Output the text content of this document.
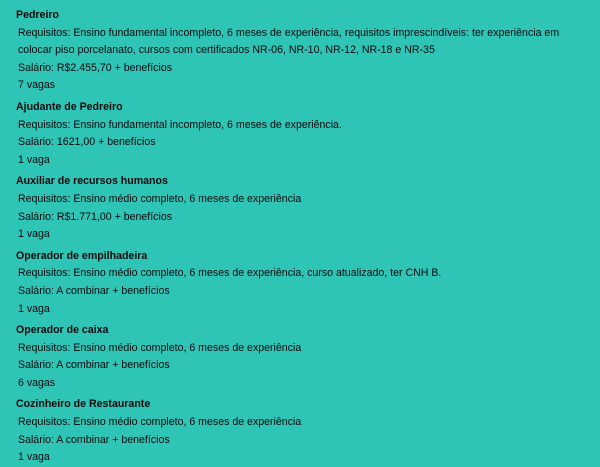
Pedreiro
Requisitos: Ensino fundamental incompleto, 6 meses de experiência, requisitos imprescindíveis: ter experiência em colocar piso porcelanato, cursos com certificados NR-06, NR-10, NR-12, NR-18 e NR-35
Salário: R$2.455,70 + benefícios
7 vagas
Ajudante de Pedreiro
Requisitos: Ensino fundamental incompleto, 6 meses de experiência.
Salário: 1621,00 + benefícios
1 vaga
Auxiliar de recursos humanos
Requisitos: Ensino médio completo, 6 meses de experiência
Salário: R$1.771,00 + benefícios
1 vaga
Operador de empilhadeira
Requisitos: Ensino médio completo, 6 meses de experiência, curso atualizado, ter CNH B.
Salário: A combinar + benefícios
1 vaga
Operador de caixa
Requisitos: Ensino médio completo, 6 meses de experiência
Salário: A combinar + benefícios
6 vagas
Cozinheiro de Restaurante
Requisitos: Ensino médio completo, 6 meses de experiência
Salário: A combinar + benefícios
1 vaga
